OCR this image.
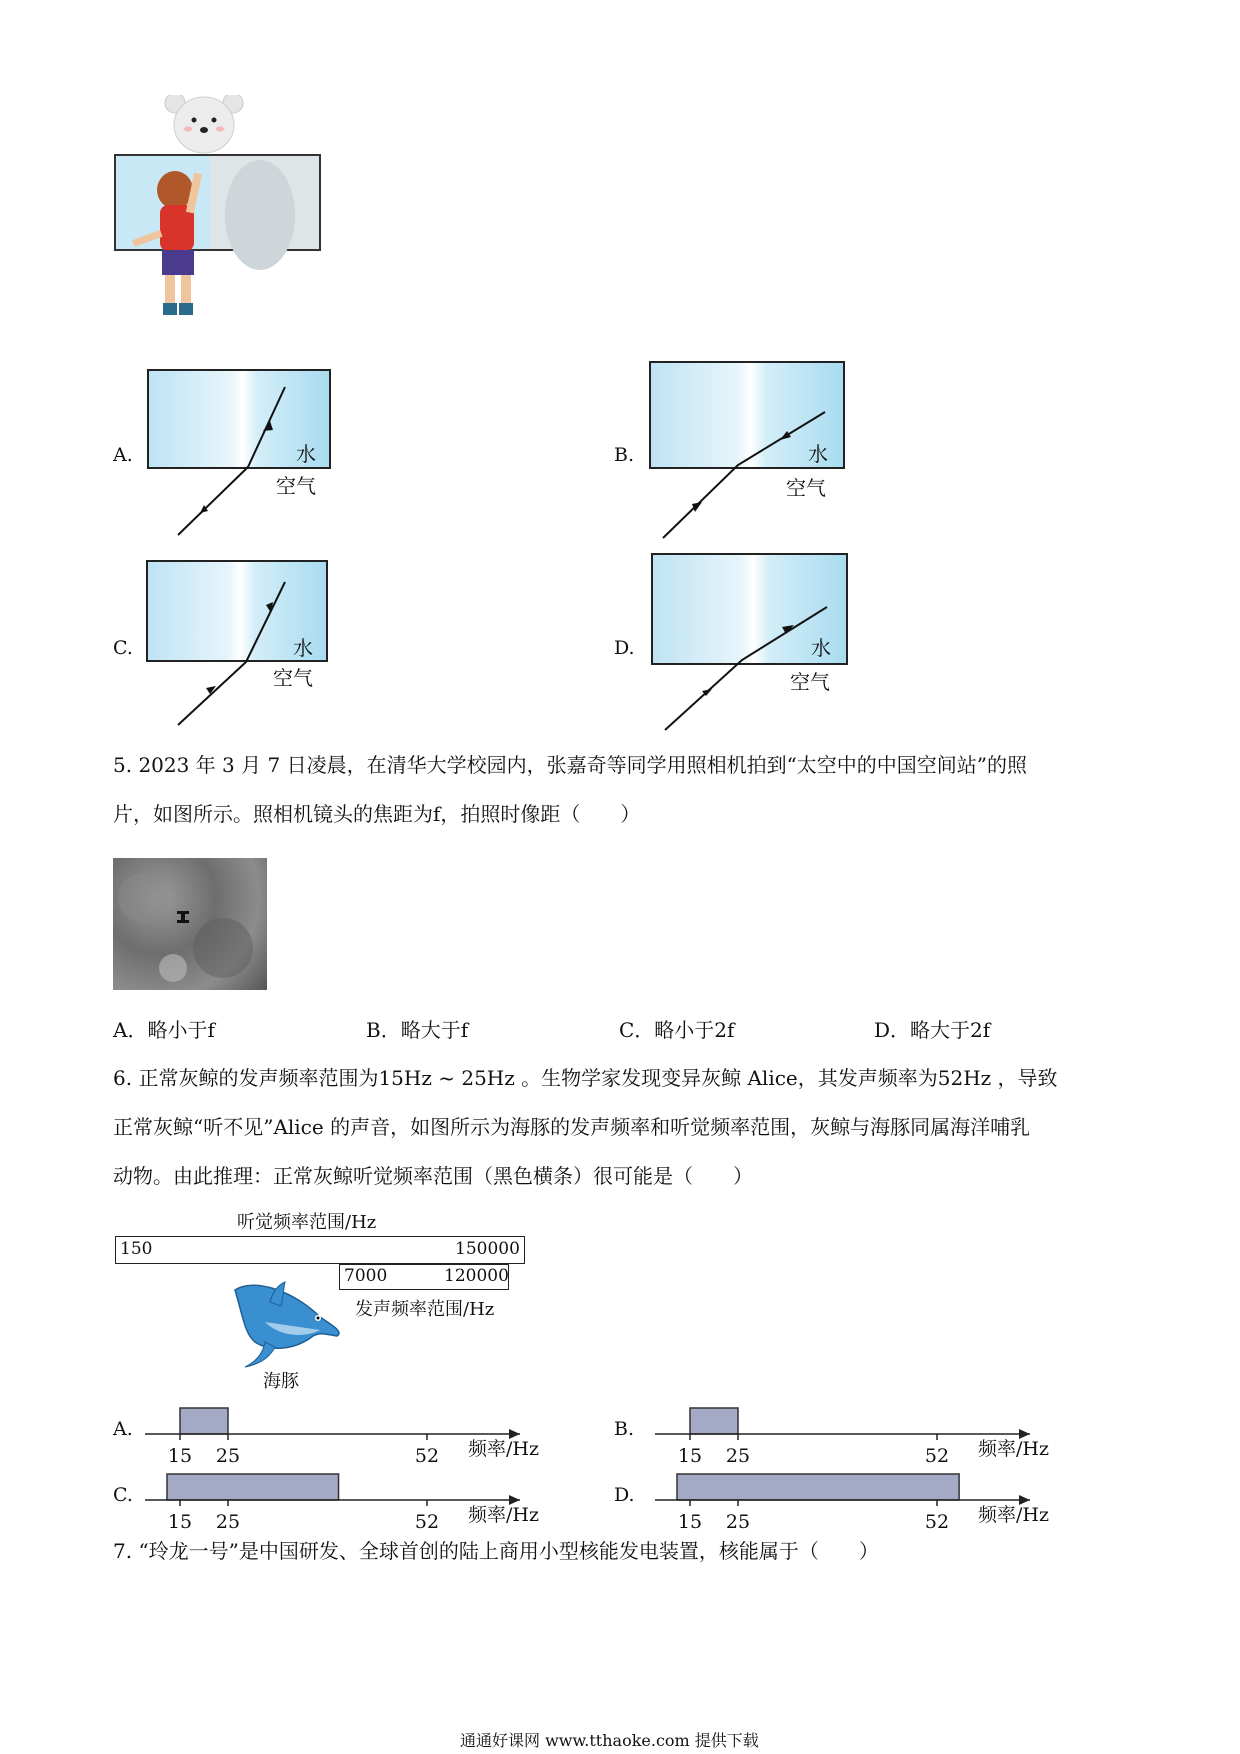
A.	水
空气
B.	水
空气
C.	水
空气
D.	水
空气
5. 2023 年 3 月 7 日凌晨，在清华大学校园内，张嘉奇等同学用照相机拍到“太空中的中国空间站”的照
片，如图所示。照相机镜头的焦距为f，拍照时像距（　　）
A．略小于f	B．略大于f	C．略小于2f	D．略大于2f
6. 正常灰鲸的发声频率范围为15Hz ~ 25Hz 。生物学家发现变异灰鲸 Alice，其发声频率为52Hz ，导致
正常灰鲸“听不见”Alice 的声音，如图所示为海豚的发声频率和听觉频率范围，灰鲸与海豚同属海洋哺乳
动物。由此推理：正常灰鲸听觉频率范围（黑色横条）很可能是（　　）
听觉频率范围/Hz
150	150000
7000	120000
发声频率范围/Hz
海豚
A.	B.
C.	D.
15 25	52 频率/Hz	15 25	52 频率/Hz
15 25	52 频率/Hz	15 25	52 频率/Hz
7. “玲龙一号”是中国研发、全球首创的陆上商用小型核能发电装置，核能属于（　　）
通通好课网 www.tthaoke.com 提供下载
